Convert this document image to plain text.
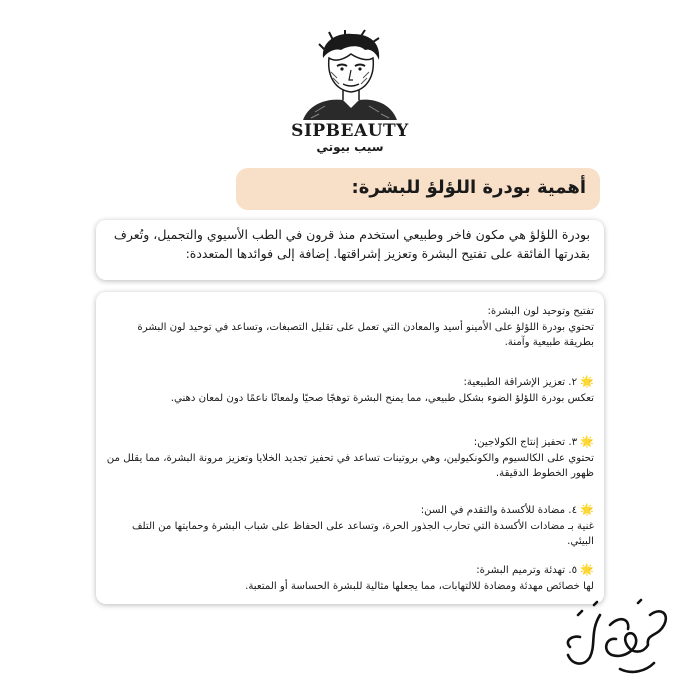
SIPBEAUTY
سيب بيوتي
أهمية بودرة اللؤلؤ للبشرة:

بودرة اللؤلؤ هي مكون فاخر وطبيعي استخدم منذ قرون في الطب الأسيوي والتجميل، وتُعرف بقدرتها الفائقة على تفتيح البشرة وتعزيز إشراقتها. إضافة إلى فوائدها المتعددة:

تفتيح وتوحيد لون البشرة:
تحتوي بودرة اللؤلؤ على الأمينو أسيد والمعادن التي تعمل على تقليل التصبغات، وتساعد في توحيد لون البشرة بطريقة طبيعية وآمنة.
🌟 ٢. تعزيز الإشراقة الطبيعية:
تعكس بودرة اللؤلؤ الضوء بشكل طبيعي، مما يمنح البشرة توهجًا صحيًا ولمعانًا ناعمًا دون لمعان دهني.
🌟 ٣. تحفيز إنتاج الكولاجين:
تحتوي على الكالسيوم والكونكيولين، وهي بروتينات تساعد في تحفيز تجديد الخلايا وتعزيز مرونة البشرة، مما يقلل من ظهور الخطوط الدقيقة.
🌟 ٤. مضادة للأكسدة والتقدم في السن:
غنية بـ مضادات الأكسدة التي تحارب الجذور الحرة، وتساعد على الحفاظ على شباب البشرة وحمايتها من التلف البيئي.
🌟 ٥. تهدئة وترميم البشرة:
لها خصائص مهدئة ومضادة للالتهابات، مما يجعلها مثالية للبشرة الحساسة أو المتعبة.
